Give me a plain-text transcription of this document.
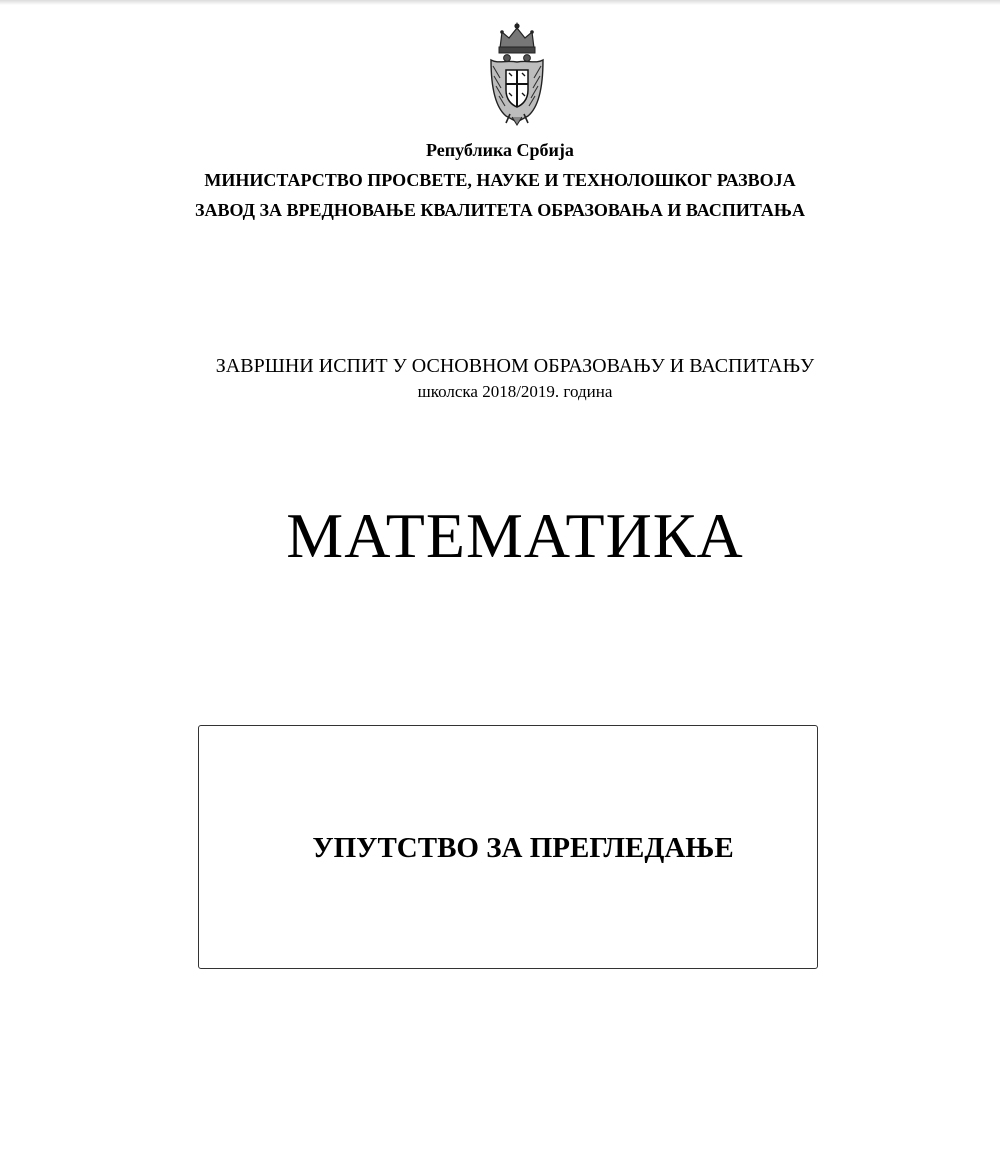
Република Србија
МИНИСТАРСТВО ПРОСВЕТЕ, НАУКЕ И ТЕХНОЛОШКОГ РАЗВОЈА
ЗАВОД ЗА ВРЕДНОВАЊЕ КВАЛИТЕТА ОБРАЗОВАЊА И ВАСПИТАЊА
ЗАВРШНИ ИСПИТ У ОСНОВНОМ ОБРАЗОВАЊУ И ВАСПИТАЊУ
школска 2018/2019. година
МАТЕМАТИКА
УПУТСТВО ЗА ПРЕГЛЕДАЊЕ
